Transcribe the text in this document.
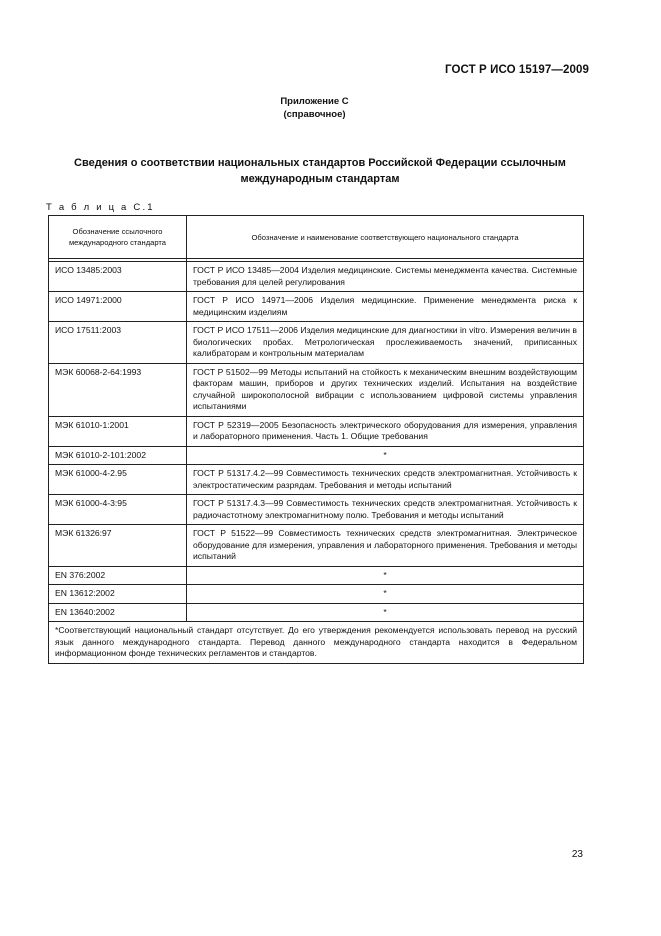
ГОСТ Р ИСО 15197—2009
Приложение С
(справочное)
Сведения о соответствии национальных стандартов Российской Федерации ссылочным международным стандартам
Т а б л и ц а С.1
Обозначение ссылочного международного стандарта	Обозначение и наименование соответствующего национального стандарта

ИСО 13485:2003	ГОСТ Р ИСО 13485—2004 Изделия медицинские. Системы менеджмента качества. Системные требования для целей регулирования
ИСО 14971:2000	ГОСТ Р ИСО 14971—2006 Изделия медицинские. Применение менеджмента риска к медицинским изделиям
ИСО 17511:2003	ГОСТ Р ИСО 17511—2006 Изделия медицинские для диагностики in vitro. Измерения величин в биологических пробах. Метрологическая прослеживаемость значений, приписанных калибраторам и контрольным материалам
МЭК 60068-2-64:1993	ГОСТ Р 51502—99 Методы испытаний на стойкость к механическим внешним воздействующим факторам машин, приборов и других технических изделий. Испытания на воздействие случайной широкополосной вибрации с использованием цифровой системы управления испытаниями
МЭК 61010-1:2001	ГОСТ Р 52319—2005 Безопасность электрического оборудования для измерения, управления и лабораторного применения. Часть 1. Общие требования
МЭК 61010-2-101:2002	*
МЭК 61000-4-2.95	ГОСТ Р 51317.4.2—99 Совместимость технических средств электромагнитная. Устойчивость к электростатическим разрядам. Требования и методы испытаний
МЭК 61000-4-3:95	ГОСТ Р 51317.4.3—99 Совместимость технических средств электромагнитная. Устойчивость к радиочастотному электромагнитному полю. Требования и методы испытаний
МЭК 61326:97	ГОСТ Р 51522—99 Совместимость технических средств электромагнитная. Электрическое оборудование для измерения, управления и лабораторного применения. Требования и методы испытаний
EN 376:2002	*
EN 13612:2002	*
EN 13640:2002	*
*Соответствующий национальный стандарт отсутствует. До его утверждения рекомендуется использовать перевод на русский язык данного международного стандарта. Перевод данного международного стандарта находится в Федеральном информационном фонде технических регламентов и стандартов.	
23
